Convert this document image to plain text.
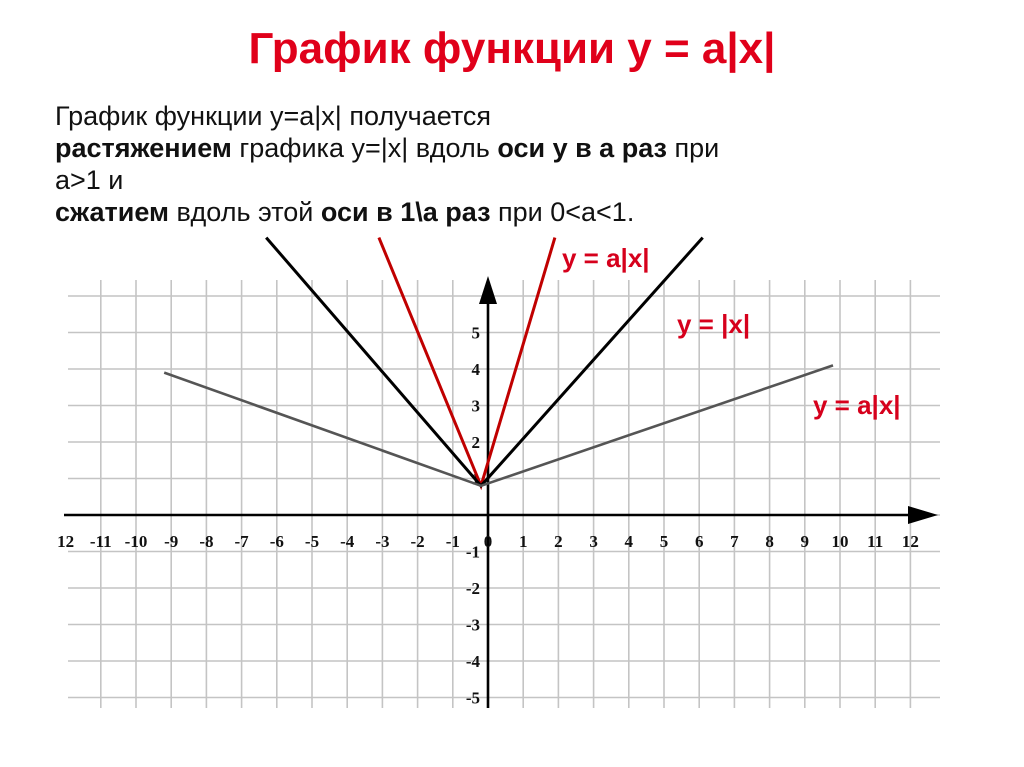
График функции y = a|x|
График функции y=a|x| получается
растяжением графика y=|x| вдоль оси y в a раз при
a>1 и
сжатием вдоль этой оси в 1\a раз при 0<a<1.
12 -11 -10 -9 -8 -7 -6 -5 -4 -3 -2 -1 0 1 2 3 4 5 6 7 8 9 10 11 12
5
4
3
2
1
-1
-2
-3
-4
-5
y = a|x|
y = |x|
y = a|x|
